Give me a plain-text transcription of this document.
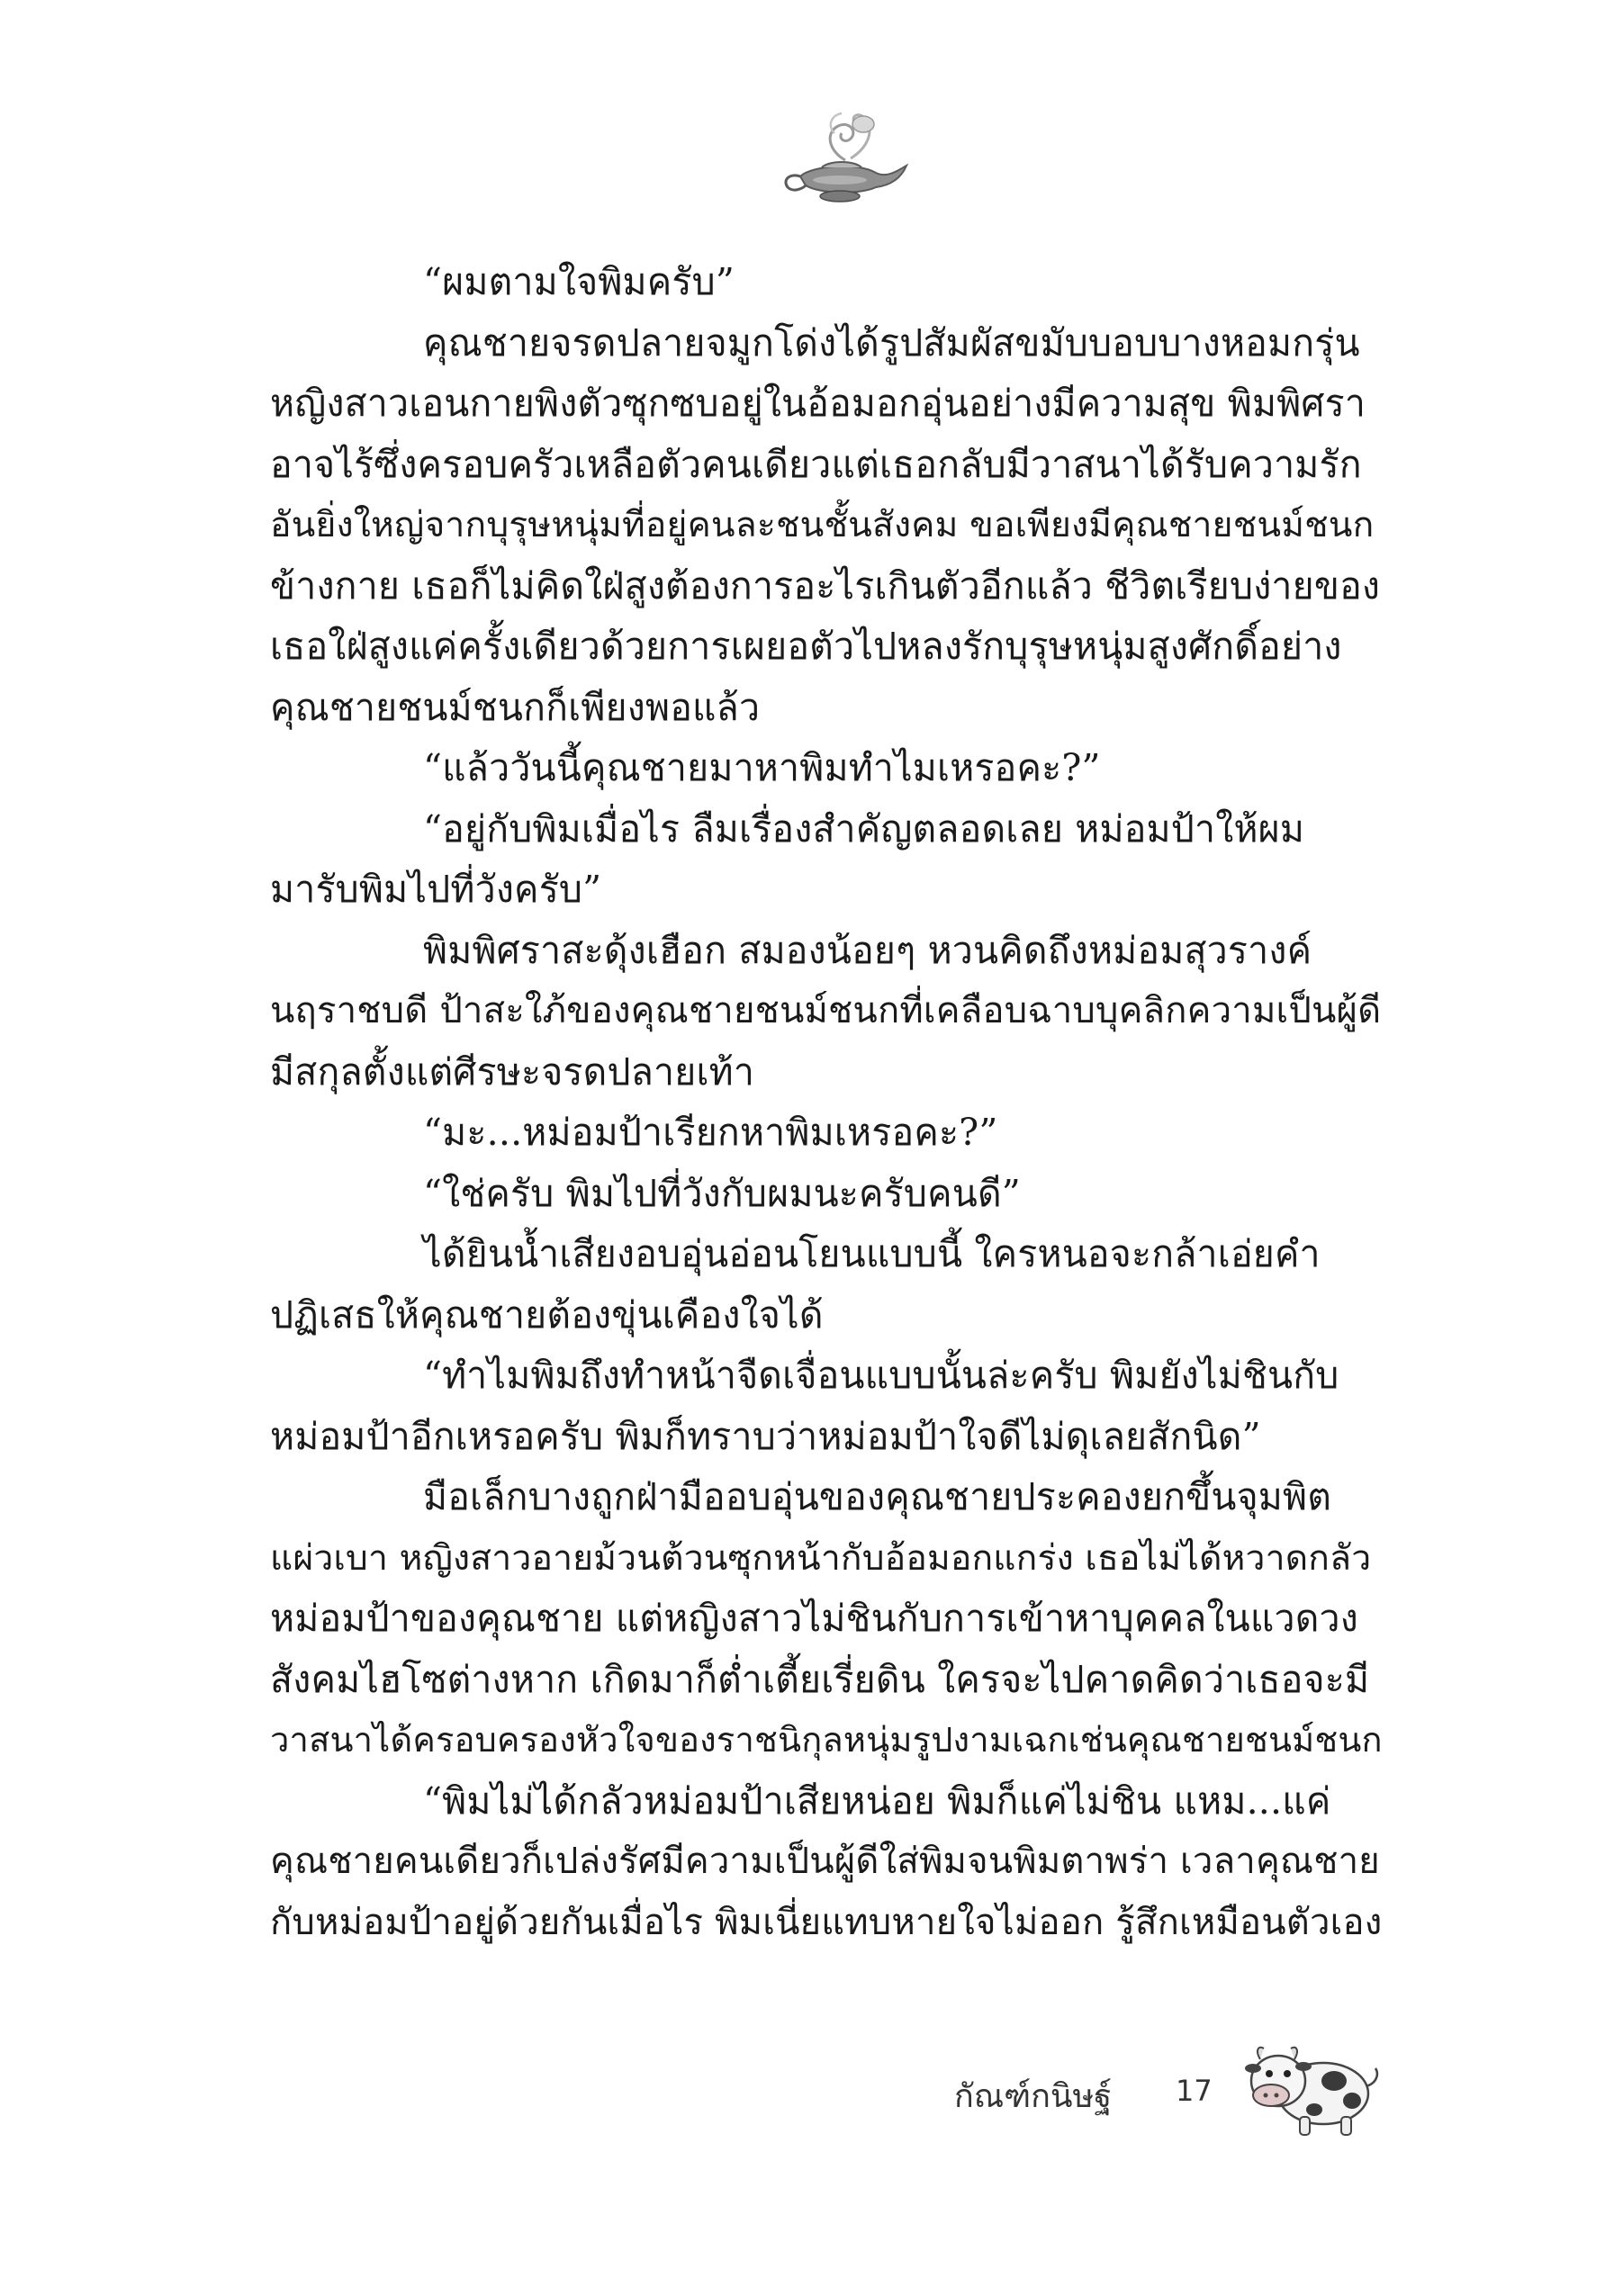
“ผมตามใจพิมครับ”
คุณชายจรดปลายจมูกโด่งได้รูปสัมผัสขมับบอบบางหอมกรุ่น
หญิงสาวเอนกายพิงตัวซุกซบอยู่ในอ้อมอกอุ่นอย่างมีความสุข พิมพิศรา
อาจไร้ซึ่งครอบครัวเหลือตัวคนเดียวแต่เธอกลับมีวาสนาได้รับความรัก
อันยิ่งใหญ่จากบุรุษหนุ่มที่อยู่คนละชนชั้นสังคม ขอเพียงมีคุณชายชนม์ชนก
ข้างกาย เธอก็ไม่คิดใฝ่สูงต้องการอะไรเกินตัวอีกแล้ว ชีวิตเรียบง่ายของ
เธอใฝ่สูงแค่ครั้งเดียวด้วยการเผยอตัวไปหลงรักบุรุษหนุ่มสูงศักดิ์อย่าง
คุณชายชนม์ชนกก็เพียงพอแล้ว
“แล้ววันนี้คุณชายมาหาพิมทำไมเหรอคะ?”
“อยู่กับพิมเมื่อไร ลืมเรื่องสำคัญตลอดเลย หม่อมป้าให้ผม
มารับพิมไปที่วังครับ”
พิมพิศราสะดุ้งเฮือก สมองน้อยๆ หวนคิดถึงหม่อมสุวรางค์
นฤราชบดี ป้าสะใภ้ของคุณชายชนม์ชนกที่เคลือบฉาบบุคลิกความเป็นผู้ดี
มีสกุลตั้งแต่ศีรษะจรดปลายเท้า
“มะ...หม่อมป้าเรียกหาพิมเหรอคะ?”
“ใช่ครับ พิมไปที่วังกับผมนะครับคนดี”
ได้ยินน้ำเสียงอบอุ่นอ่อนโยนแบบนี้ ใครหนอจะกล้าเอ่ยคำ
ปฏิเสธให้คุณชายต้องขุ่นเคืองใจได้
“ทำไมพิมถึงทำหน้าจืดเจื่อนแบบนั้นล่ะครับ พิมยังไม่ชินกับ
หม่อมป้าอีกเหรอครับ พิมก็ทราบว่าหม่อมป้าใจดีไม่ดุเลยสักนิด”
มือเล็กบางถูกฝ่ามืออบอุ่นของคุณชายประคองยกขึ้นจุมพิต
แผ่วเบา หญิงสาวอายม้วนต้วนซุกหน้ากับอ้อมอกแกร่ง เธอไม่ได้หวาดกลัว
หม่อมป้าของคุณชาย แต่หญิงสาวไม่ชินกับการเข้าหาบุคคลในแวดวง
สังคมไฮโซต่างหาก เกิดมาก็ต่ำเตี้ยเรี่ยดิน ใครจะไปคาดคิดว่าเธอจะมี
วาสนาได้ครอบครองหัวใจของราชนิกุลหนุ่มรูปงามเฉกเช่นคุณชายชนม์ชนก
“พิมไม่ได้กลัวหม่อมป้าเสียหน่อย พิมก็แค่ไม่ชิน แหม...แค่
คุณชายคนเดียวก็เปล่งรัศมีความเป็นผู้ดีใส่พิมจนพิมตาพร่า เวลาคุณชาย
กับหม่อมป้าอยู่ด้วยกันเมื่อไร พิมเนี่ยแทบหายใจไม่ออก รู้สึกเหมือนตัวเอง
กัณฑ์กนิษฐ์ 17
